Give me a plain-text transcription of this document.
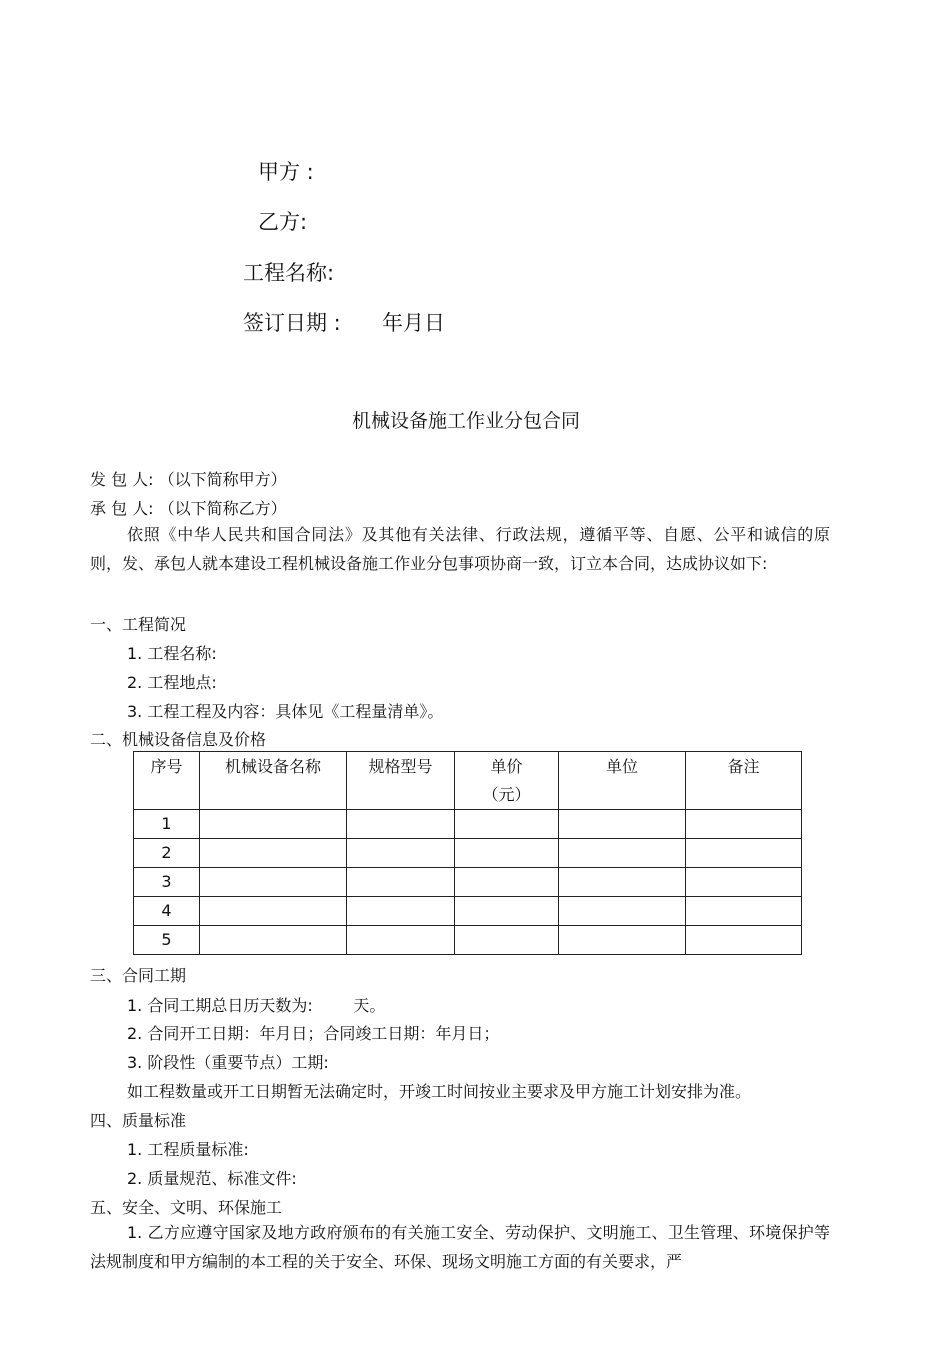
甲方 :
乙方:
工程名称:
签订日期 : 年月日
机械设备施工作业分包合同
发 包 人: （以下简称甲方）
承 包 人: （以下简称乙方）
依照《中华人民共和国合同法》及其他有关法律、行政法规，遵循平等、自愿、公平和诚信的原则，发、承包人就本建设工程机械设备施工作业分包事项协商一致，订立本合同，达成协议如下:
一、工程简况
1. 工程名称:
2. 工程地点:
3. 工程工程及内容：具体见《工程量清单》。
二、机械设备信息及价格
序号	机械设备名称	规格型号	单价（元）	单位	备注
1					
2					
3					
4					
5					
三、合同工期
1. 合同工期总日历天数为:        天。
2. 合同开工日期：年月日；合同竣工日期：年月日；
3. 阶段性（重要节点）工期:
如工程数量或开工日期暂无法确定时，开竣工时间按业主要求及甲方施工计划安排为准。
四、质量标准
1. 工程质量标准:
2. 质量规范、标准文件:
五、安全、文明、环保施工
1. 乙方应遵守国家及地方政府颁布的有关施工安全、劳动保护、文明施工、卫生管理、环境保护等法规制度和甲方编制的本工程的关于安全、环保、现场文明施工方面的有关要求，严
